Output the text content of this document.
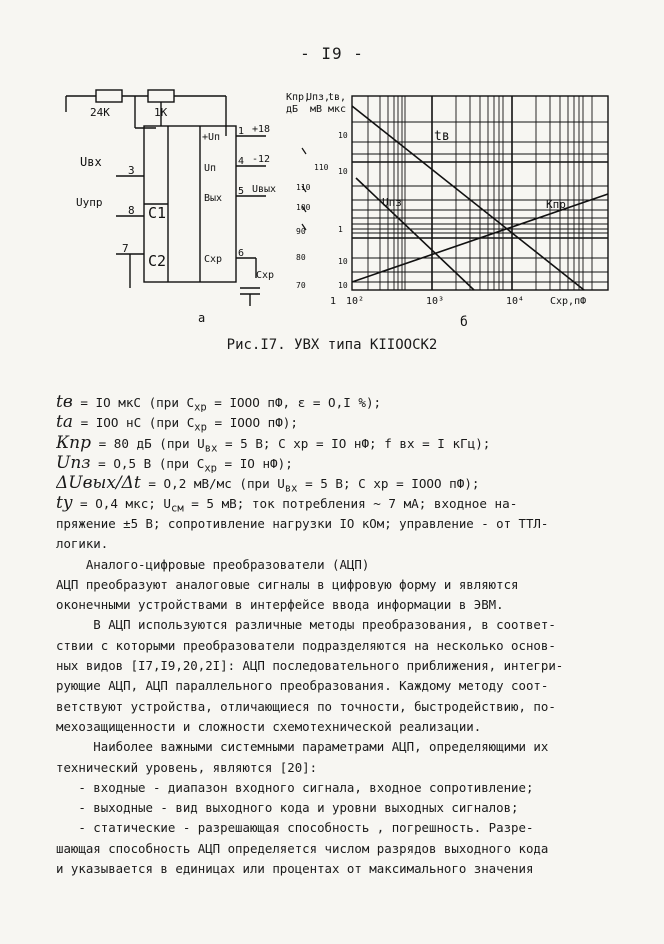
- I9 -
24K	1K
Uвх
Uупр
C1
C2
+Uп
Uп
Вых
Cхр
+18
-12
Uвых
Cхр
1
4
5
6
3
8
7
а
Кпр,
дБ
Uпз,
мВ
tв,
мкс
110
110
100
90
80
70
10
10
1
10
10
tв
Uпз	Кпр
1 10²	10³	10⁴	Cхр,пФ
б
Рис.I7. УВХ типа КIIООСК2
tв = IO мкС (при $C_{хр}$ = IOOO пФ, ε = O,I %);
tа = IOO нС (при $C_{хр}$ = IOOO пФ);
Кпр = 80 дБ (при $U_{вх} = 5$ В; C хр = IO нФ; f вх = I кГц);
Uпз = O,5 В (при $C_{хр}$ = IO нФ);
ΔUвых/Δt = O,2 мВ/мс (при $U_{вх} = 5$ В; C хр = IOOO пФ);
ty = O,4 мкс; $U_{см} = 5$ мВ; ток потребления ~ 7 мА; входное на-
пряжение ±5 В; сопротивление нагрузки IO кОм; управление - от ТТЛ-
логики.
Аналого-цифровые преобразователи (АЦП)
АЦП преобразуют аналоговые сигналы в цифровую форму и являются
оконечными устройствами в интерфейсе ввода информации в ЭВМ.
В АЦП используются различные методы преобразования, в соответ-
ствии с которыми преобразователи подразделяются на несколько основ-
ных видов [I7,I9,20,2I]: АЦП последовательного приближения, интегри-
рующие АЦП, АЦП параллельного преобразования. Каждому методу соот-
ветствуют устройства, отличающиеся по точности, быстродействию, по-
мехозащищенности и сложности схемотехнической реализации.
Наиболее важными системными параметрами АЦП, определяющими их
технический уровень, являются [20]:
- входные - диапазон входного сигнала, входное сопротивление;
- выходные - вид выходного кода и уровни выходных сигналов;
- статические - разрешающая способность , погрешность. Разре-
шающая способность АЦП определяется числом разрядов выходного кода
и указывается в единицах или процентах от максимального значения
